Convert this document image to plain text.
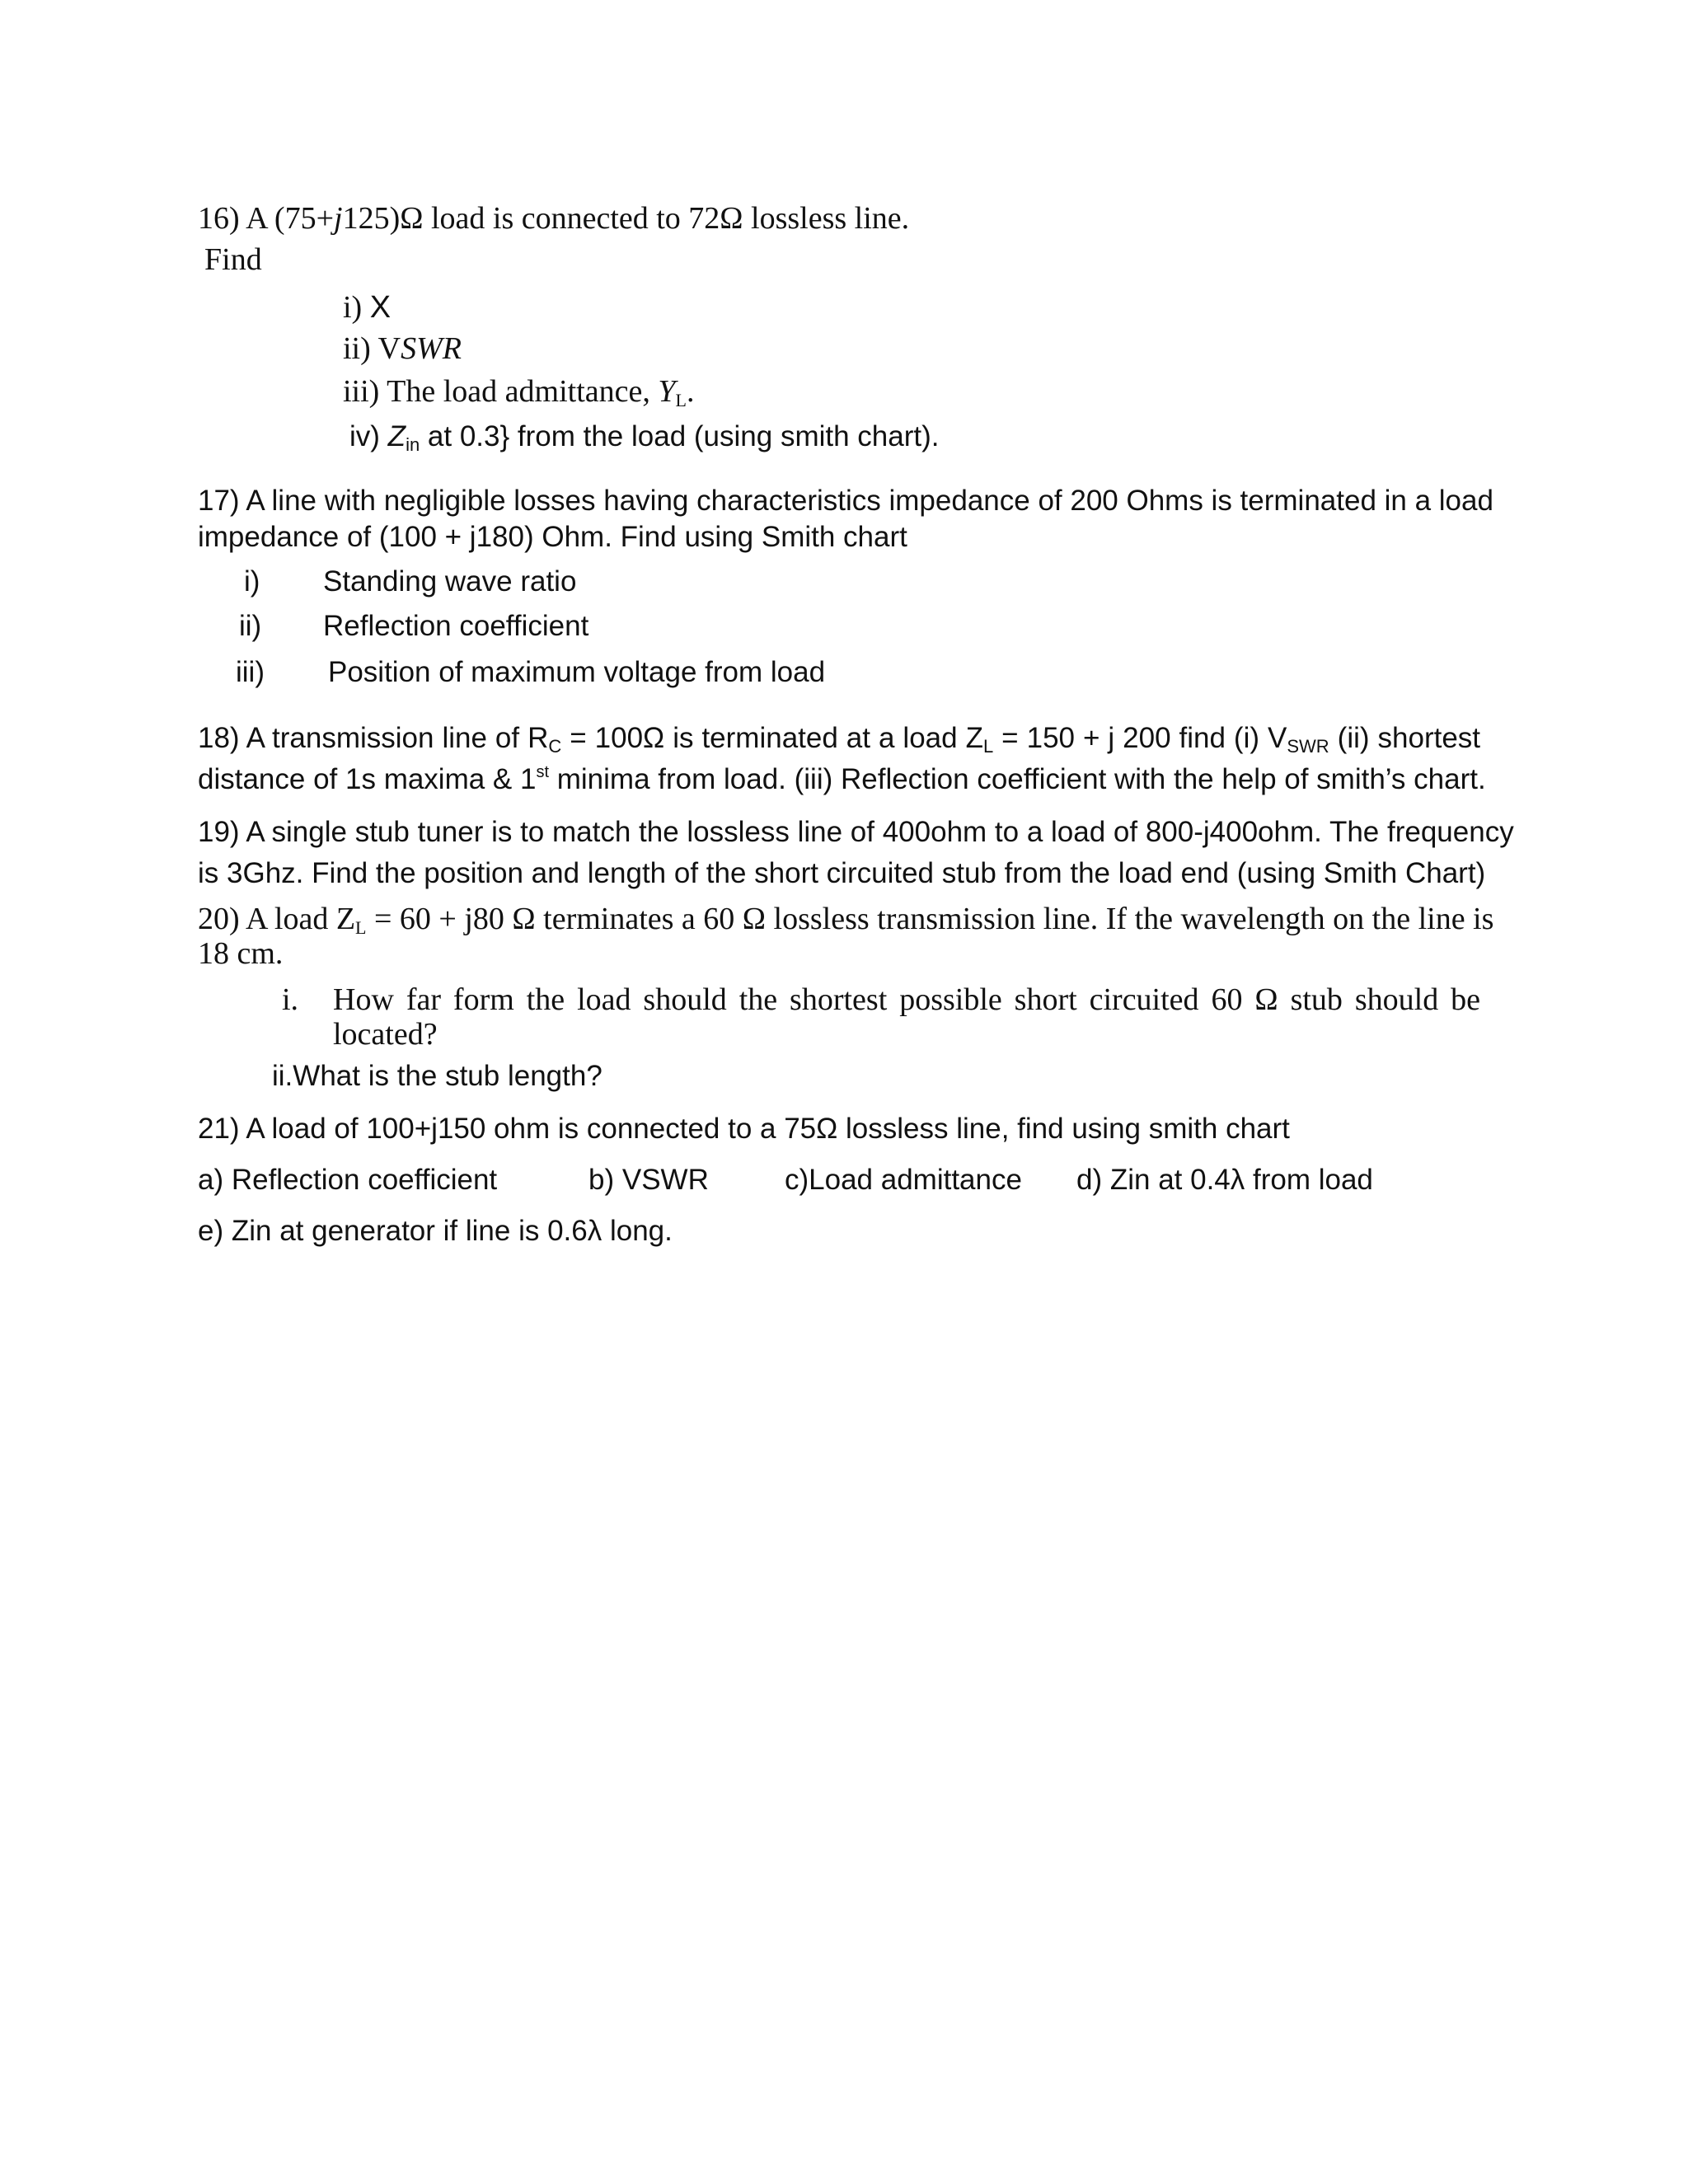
16) A (75+j125)Ω load is connected to 72Ω lossless line.
Find
i) Χ
ii) VSWR
iii) The load admittance, $Y_L$.
iv) $Z_{in}$ at 0.3} from the load (using smith chart).
17) A line with negligible losses having characteristics impedance of 200 Ohms is terminated in a load
impedance of (100 + j180) Ohm. Find using Smith chart
i) Standing wave ratio
ii) Reflection coefficient
iii) Position of maximum voltage from load
18) A transmission line of $R_C = 100\Omega$ is terminated at a load $Z_L = 150 + j$ 200 find (i) $V_{SWR}$ (ii) shortest
distance of 1s maxima & 1st minima from load. (iii) Reflection coefficient with the help of smith’s chart.
19) A single stub tuner is to match the lossless line of 400ohm to a load of 800-j400ohm. The frequency
is 3Ghz. Find the position and length of the short circuited stub from the load end (using Smith Chart)
20) A load $Z_L = 60 + j80$ Ω terminates a 60 Ω lossless transmission line. If the wavelength on the line is
18 cm.
i. How far form the load should the shortest possible short circuited 60 Ω stub should be
located?
ii.What is the stub length?
21) A load of 100+j150 ohm is connected to a 75Ω lossless line, find using smith chart
a) Reflection coefficient	b) VSWR	c)Load admittance d) Zin at 0.4λ from load
e) Zin at generator if line is 0.6λ long.
